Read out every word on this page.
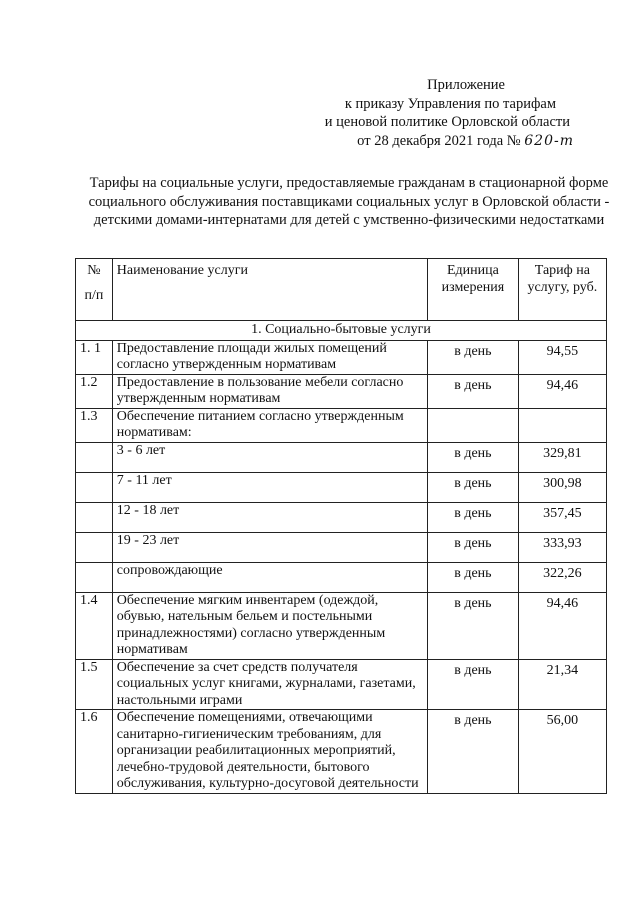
Приложение
к приказу Управления по тарифам
и ценовой политике Орловской области
от 28 декабря 2021 года № 620-т
Тарифы на социальные услуги, предоставляемые гражданам в стационарной форме социального обслуживания поставщиками социальных услуг в Орловской области - детскими домами-интернатами для детей с умственно-физическими недостатками
№
п/п	Наименование услуги	Единица измерения	Тариф на услугу, руб.
1. Социально-бытовые услуги			
1. 1	Предоставление площади жилых помещений согласно утвержденным нормативам	в день	94,55
1.2	Предоставление в пользование мебели согласно утвержденным нормативам	в день	94,46
1.3	Обеспечение питанием согласно утвержденным нормативам:		
	3 - 6 лет	в день	329,81
	7 - 11 лет	в день	300,98
	12 - 18 лет	в день	357,45
	19 - 23 лет	в день	333,93
	сопровождающие	в день	322,26
1.4	Обеспечение мягким инвентарем (одеждой, обувью, нательным бельем и постельными принадлежностями) согласно утвержденным нормативам	в день	94,46
1.5	Обеспечение за счет средств получателя социальных услуг книгами, журналами, газетами, настольными играми	в день	21,34
1.6	Обеспечение помещениями, отвечающими санитарно-гигиеническим требованиям, для организации реабилитационных мероприятий, лечебно-трудовой деятельности, бытового обслуживания, культурно-досуговой деятельности	в день	56,00
